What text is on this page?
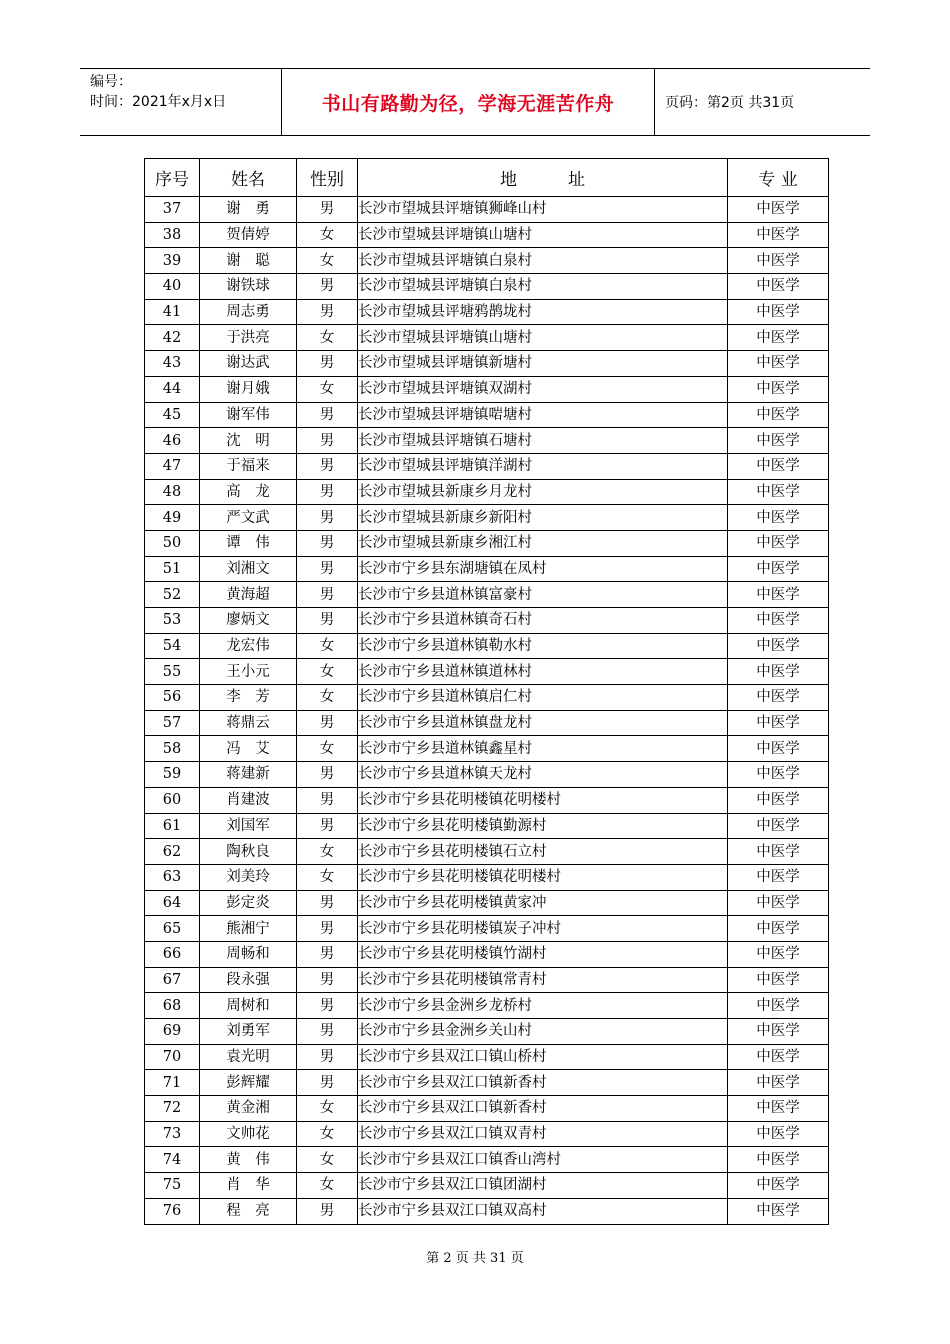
编号：
时间：2021年x月x日	书山有路勤为径，学海无涯苦作舟	页码：第2页 共31页
序号	姓名	性别	地　　　址	专 业
37	谢　勇	男	长沙市望城县评塘镇狮峰山村	中医学
38	贺倩婷	女	长沙市望城县评塘镇山塘村	中医学
39	谢　聪	女	长沙市望城县评塘镇白泉村	中医学
40	谢铁球	男	长沙市望城县评塘镇白泉村	中医学
41	周志勇	男	长沙市望城县评塘鸦鹊垅村	中医学
42	于洪亮	女	长沙市望城县评塘镇山塘村	中医学
43	谢达武	男	长沙市望城县评塘镇新塘村	中医学
44	谢月娥	女	长沙市望城县评塘镇双湖村	中医学
45	谢军伟	男	长沙市望城县评塘镇啱塘村	中医学
46	沈　明	男	长沙市望城县评塘镇石塘村	中医学
47	于福来	男	长沙市望城县评塘镇洋湖村	中医学
48	高　龙	男	长沙市望城县新康乡月龙村	中医学
49	严文武	男	长沙市望城县新康乡新阳村	中医学
50	谭　伟	男	长沙市望城县新康乡湘江村	中医学
51	刘湘文	男	长沙市宁乡县东湖塘镇在凤村	中医学
52	黄海超	男	长沙市宁乡县道林镇富豪村	中医学
53	廖炳文	男	长沙市宁乡县道林镇奇石村	中医学
54	龙宏伟	女	长沙市宁乡县道林镇勒水村	中医学
55	王小元	女	长沙市宁乡县道林镇道林村	中医学
56	李　芳	女	长沙市宁乡县道林镇启仁村	中医学
57	蒋鼎云	男	长沙市宁乡县道林镇盘龙村	中医学
58	冯　艾	女	长沙市宁乡县道林镇鑫星村	中医学
59	蒋建新	男	长沙市宁乡县道林镇天龙村	中医学
60	肖建波	男	长沙市宁乡县花明楼镇花明楼村	中医学
61	刘国军	男	长沙市宁乡县花明楼镇勤源村	中医学
62	陶秋良	女	长沙市宁乡县花明楼镇石立村	中医学
63	刘美玲	女	长沙市宁乡县花明楼镇花明楼村	中医学
64	彭定炎	男	长沙市宁乡县花明楼镇黄家冲	中医学
65	熊湘宁	男	长沙市宁乡县花明楼镇炭子冲村	中医学
66	周畅和	男	长沙市宁乡县花明楼镇竹湖村	中医学
67	段永强	男	长沙市宁乡县花明楼镇常青村	中医学
68	周树和	男	长沙市宁乡县金洲乡龙桥村	中医学
69	刘勇军	男	长沙市宁乡县金洲乡关山村	中医学
70	袁光明	男	长沙市宁乡县双江口镇山桥村	中医学
71	彭辉耀	男	长沙市宁乡县双江口镇新香村	中医学
72	黄金湘	女	长沙市宁乡县双江口镇新香村	中医学
73	文帅花	女	长沙市宁乡县双江口镇双青村	中医学
74	黄　伟	女	长沙市宁乡县双江口镇香山湾村	中医学
75	肖　华	女	长沙市宁乡县双江口镇团湖村	中医学
76	程　亮	男	长沙市宁乡县双江口镇双高村	中医学
第 2 页 共 31 页
